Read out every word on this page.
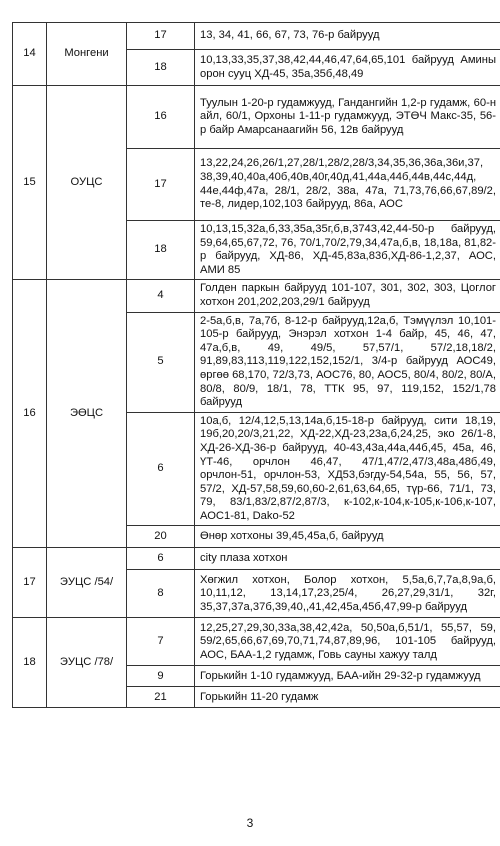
14	Монгени	17	13, 34, 41, 66, 67, 73, 76-р байрууд
		18	10,13,33,35,37,38,42,44,46,47,64,65,101 байрууд Амины орон сууц ХД-45, 35а,35б,48,49
15	ОУЦС	16	Туулын 1-20-р гудамжууд, Гандангийн 1,2-р гудамж, 60-н айл, 60/1, Орхоны 1-11-р гудамжууд, ЭТӨЧ Макс-35, 56-р байр Амарсанаагийн 56, 12в байрууд
		17	13,22,24,26,26/1,27,28/1,28/2,28/3,34,35,36,36а,36и,37, 38,39,40,40а,40б,40в,40г,40д,41,44а,44б,44в,44с,44д, 44е,44ф,47а, 28/1, 28/2, 38а, 47а, 71,73,76,66,67,89/2, те-8, лидер,102,103 байрууд, 86а, АОС
		18	10,13,15,32а,б,33,35а,35г,б,в,3743,42,44-50-р байрууд, 59,64,65,67,72, 76, 70/1,70/2,79,34,47а,б,в, 18,18а, 81,82-р байрууд, ХД-86, ХД-45,83а,83б,ХД-86-1,2,37, АОС, АМИ 85
16	ЭӨЦС	4	Голден паркын байрууд 101-107, 301, 302, 303, Цоглог хотхон 201,202,203,29/1 байрууд
		5	2-5а,б,в, 7а,7б, 8-12-р байрууд,12а,б, Тэмүүлэл 10,101-105-р байрууд, Энэрэл хотхон 1-4 байр, 45, 46, 47, 47а,б,в, 49, 49/5, 57,57/1, 57/2,18,18/2, 91,89,83,113,119,122,152,152/1, 3/4-р байрууд АОС49, өргөө 68,170, 72/3,73, АОС76, 80, АОС5, 80/4, 80/2, 80/А, 80/8, 80/9, 18/1, 78, ТТК 95, 97, 119,152, 152/1,78 байрууд
		6	10а,б, 12/4,12,5,13,14а,б,15-18-р байрууд, сити 18,19, 19б,20,20/3,21,22, ХД-22,ХД-23,23а,б,24,25, эко 26/1-8, ХД-26-ХД-36-р байрууд, 40-43,43а,44а,44б,45, 45а, 46, ҮТ-46, орчлон 46,47, 47/1,47/2,47/3,48а,48б,49, орчлон-51, орчлон-53, ХД53,бэгду-54,54а, 55, 56, 57, 57/2, ХД-57,58,59,60,60-2,61,63,64,65, түр-66, 71/1, 73, 79, 83/1,83/2,87/2,87/3, к-102,к-104,к-105,к-106,к-107, АОС1-81, Dako-52
		20	Өнөр хотхоны 39,45,45а,б, байрууд
17	ЭУЦС /54/	6	city плаза хотхон
		8	Хөгжил хотхон, Болор хотхон, 5,5а,6,7,7а,8,9а,б, 10,11,12, 13,14,17,23,25/4, 26,27,29,31/1, 32г, 35,37,37а,37б,39,40,,41,42,45а,45б,47,99-р байрууд
18	ЭУЦС /78/	7	12,25,27,29,30,33а,38,42,42а, 50,50а,б,51/1, 55,57, 59, 59/2,65,66,67,69,70,71,74,87,89,96, 101-105 байрууд, АОС, БАА-1,2 гудамж, Говь сауны хажуу талд
		9	Горькийн 1-10 гудамжууд, БАА-ийн 29-32-р гудамжууд
		21	Горькийн 11-20 гудамж
3
